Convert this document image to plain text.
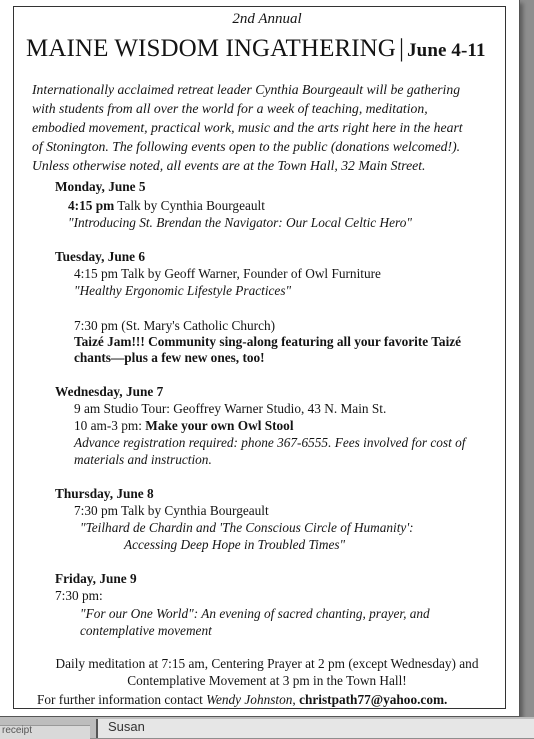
2nd Annual
MAINE WISDOM INGATHERING | June 4-11
Internationally acclaimed retreat leader Cynthia Bourgeault will be gathering
with students from all over the world for a week of teaching, meditation,
embodied movement, practical work, music and the arts right here in the heart
of Stonington. The following events open to the public (donations welcomed!).
Unless otherwise noted, all events are at the Town Hall, 32 Main Street.
Monday, June 5
4:15 pm Talk by Cynthia Bourgeault
"Introducing St. Brendan the Navigator: Our Local Celtic Hero"
Tuesday, June 6
4:15 pm Talk by Geoff Warner, Founder of Owl Furniture
"Healthy Ergonomic Lifestyle Practices"
7:30 pm (St. Mary's Catholic Church)
Taizé Jam!!! Community sing-along featuring all your favorite Taizé
chants—plus a few new ones, too!
Wednesday, June 7
9 am Studio Tour: Geoffrey Warner Studio, 43 N. Main St.
10 am-3 pm: Make your own Owl Stool
Advance registration required: phone 367-6555. Fees involved for cost of
materials and instruction.
Thursday, June 8
7:30 pm Talk by Cynthia Bourgeault
"Teilhard de Chardin and 'The Conscious Circle of Humanity':
Accessing Deep Hope in Troubled Times"
Friday, June 9
7:30 pm:
"For our One World": An evening of sacred chanting, prayer, and
contemplative movement
Daily meditation at 7:15 am, Centering Prayer at 2 pm (except Wednesday) and
Contemplative Movement at 3 pm in the Town Hall!
For further information contact Wendy Johnston, christpath77@yahoo.com.
receipt	Susan
